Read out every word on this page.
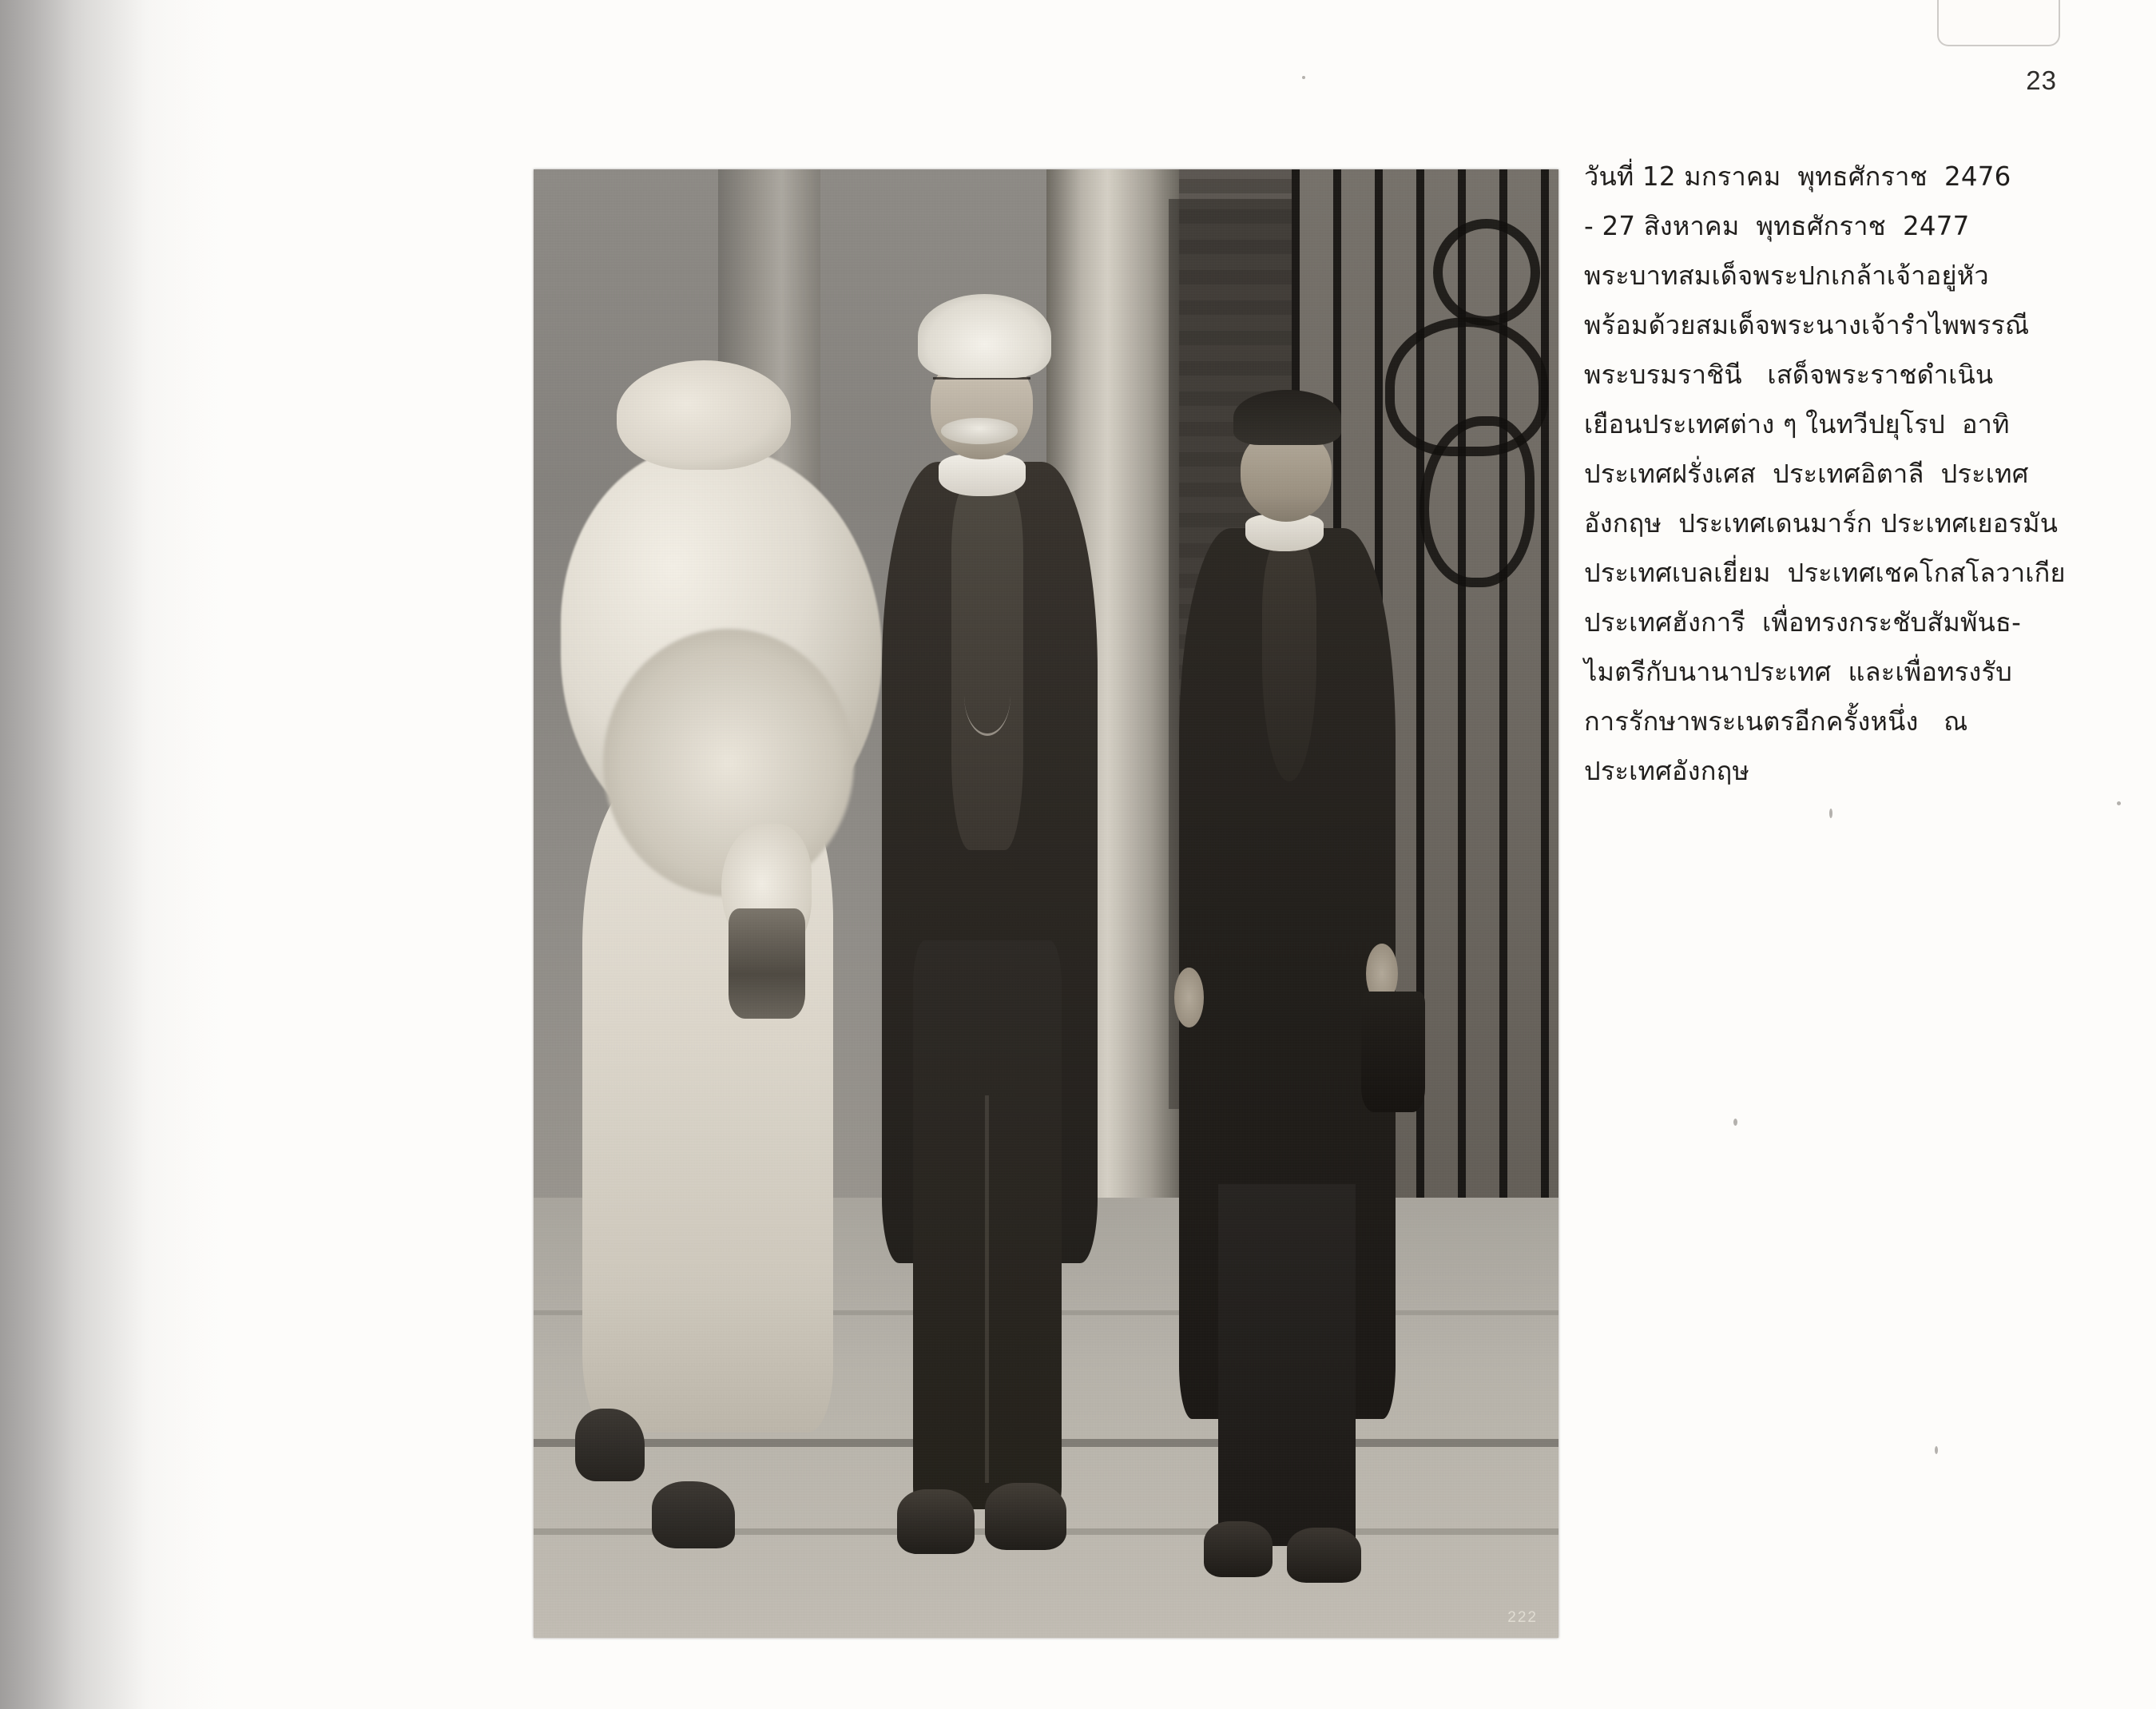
23
222
วันที่ 12 มกราคม  พุทธศักราช  2476
- 27 สิงหาคม  พุทธศักราช  2477
พระบาทสมเด็จพระปกเกล้าเจ้าอยู่หัว
พร้อมด้วยสมเด็จพระนางเจ้ารำไพพรรณี
พระบรมราชินี   เสด็จพระราชดำเนิน
เยือนประเทศต่าง ๆ ในทวีปยุโรป  อาทิ
ประเทศฝรั่งเศส  ประเทศอิตาลี  ประเทศ
อังกฤษ  ประเทศเดนมาร์ก ประเทศเยอรมัน
ประเทศเบลเยี่ยม  ประเทศเชคโกสโลวาเกีย
ประเทศฮังการี  เพื่อทรงกระชับสัมพันธ-
ไมตรีกับนานาประเทศ  และเพื่อทรงรับ
การรักษาพระเนตรอีกครั้งหนึ่ง   ณ
ประเทศอังกฤษ
